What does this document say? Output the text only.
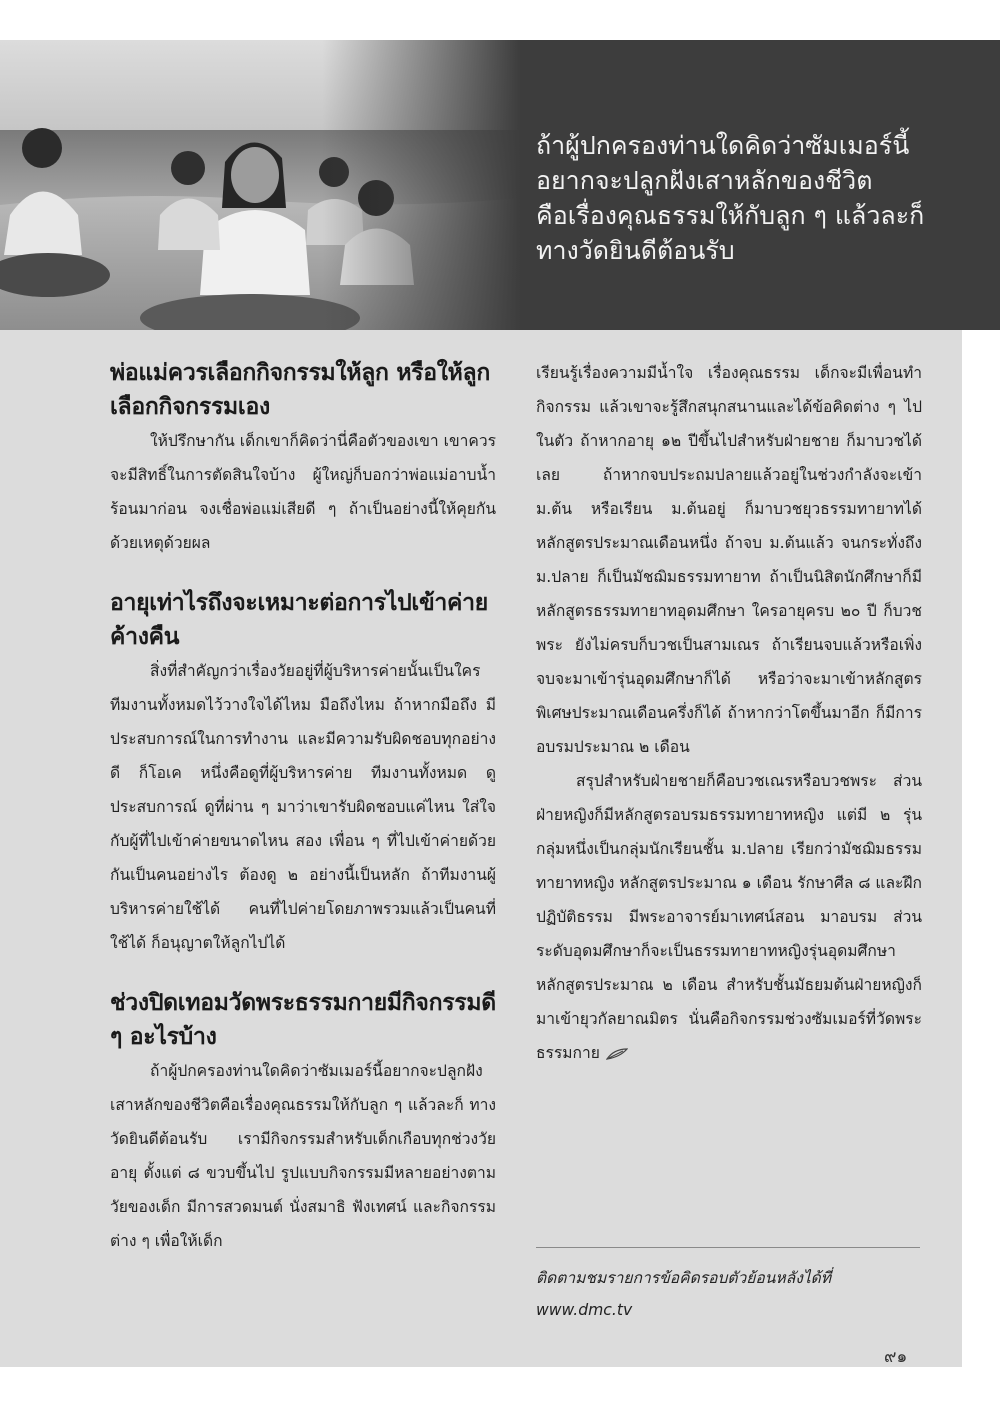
ถ้าผู้ปกครองท่านใดคิดว่าซัมเมอร์นี้
อยากจะปลูกฝังเสาหลักของชีวิต
คือเรื่องคุณธรรมให้กับลูก ๆ แล้วละก็
ทางวัดยินดีต้อนรับ

พ่อแม่ควรเลือกกิจกรรมให้ลูก หรือให้ลูกเลือกกิจกรรมเอง

ให้ปรึกษากัน เด็กเขาก็คิดว่านี่คือตัวของเขา เขาควรจะมีสิทธิ์ในการตัดสินใจบ้าง ผู้ใหญ่ก็บอกว่าพ่อแม่อาบน้ำร้อนมาก่อน จงเชื่อพ่อแม่เสียดี ๆ ถ้าเป็นอย่างนี้ให้คุยกันด้วยเหตุด้วยผล

อายุเท่าไรถึงจะเหมาะต่อการไปเข้าค่ายค้างคืน

สิ่งที่สำคัญกว่าเรื่องวัยอยู่ที่ผู้บริหารค่ายนั้นเป็นใคร ทีมงานทั้งหมดไว้วางใจได้ไหม มือถึงไหม ถ้าหากมือถึง มีประสบการณ์ในการทำงาน และมีความรับผิดชอบทุกอย่างดี ก็โอเค หนึ่งคือดูที่ผู้บริหารค่าย ทีมงานทั้งหมด ดูประสบการณ์ ดูที่ผ่าน ๆ มาว่าเขารับผิดชอบแค่ไหน ใส่ใจกับผู้ที่ไปเข้าค่ายขนาดไหน สอง เพื่อน ๆ ที่ไปเข้าค่ายด้วยกันเป็นคนอย่างไร ต้องดู ๒ อย่างนี้เป็นหลัก ถ้าทีมงานผู้บริหารค่ายใช้ได้ คนที่ไปค่ายโดยภาพรวมแล้วเป็นคนที่ใช้ได้ ก็อนุญาตให้ลูกไปได้

ช่วงปิดเทอมวัดพระธรรมกายมีกิจกรรมดี ๆ อะไรบ้าง

ถ้าผู้ปกครองท่านใดคิดว่าซัมเมอร์นี้อยากจะปลูกฝังเสาหลักของชีวิตคือเรื่องคุณธรรมให้กับลูก ๆ แล้วละก็ ทางวัดยินดีต้อนรับ เรามีกิจกรรมสำหรับเด็กเกือบทุกช่วงวัยอายุ ตั้งแต่ ๘ ขวบขึ้นไป รูปแบบกิจกรรมมีหลายอย่างตามวัยของเด็ก มีการสวดมนต์ นั่งสมาธิ ฟังเทศน์ และกิจกรรมต่าง ๆ เพื่อให้เด็ก

เรียนรู้เรื่องความมีน้ำใจ เรื่องคุณธรรม เด็กจะมีเพื่อนทำกิจกรรม แล้วเขาจะรู้สึกสนุกสนานและได้ข้อคิดต่าง ๆ ไปในตัว ถ้าหากอายุ ๑๒ ปีขึ้นไปสำหรับฝ่ายชาย ก็มาบวชได้เลย ถ้าหากจบประถมปลายแล้วอยู่ในช่วงกำลังจะเข้า ม.ต้น หรือเรียน ม.ต้นอยู่ ก็มาบวชยุวธรรมทายาทได้ หลักสูตรประมาณเดือนหนึ่ง ถ้าจบ ม.ต้นแล้ว จนกระทั่งถึง ม.ปลาย ก็เป็นมัชฌิมธรรมทายาท ถ้าเป็นนิสิตนักศึกษาก็มีหลักสูตรธรรมทายาทอุดมศึกษา ใครอายุครบ ๒๐ ปี ก็บวชพระ ยังไม่ครบก็บวชเป็นสามเณร ถ้าเรียนจบแล้วหรือเพิ่งจบจะมาเข้ารุ่นอุดมศึกษาก็ได้ หรือว่าจะมาเข้าหลักสูตรพิเศษประมาณเดือนครึ่งก็ได้ ถ้าหากว่าโตขึ้นมาอีก ก็มีการอบรมประมาณ ๒ เดือน

สรุปสำหรับฝ่ายชายก็คือบวชเณรหรือบวชพระ ส่วนฝ่ายหญิงก็มีหลักสูตรอบรมธรรมทายาทหญิง แต่มี ๒ รุ่น กลุ่มหนึ่งเป็นกลุ่มนักเรียนชั้น ม.ปลาย เรียกว่ามัชฌิมธรรมทายาทหญิง หลักสูตรประมาณ ๑ เดือน รักษาศีล ๘ และฝึกปฏิบัติธรรม มีพระอาจารย์มาเทศน์สอน มาอบรม ส่วนระดับอุดมศึกษาก็จะเป็นธรรมทายาทหญิงรุ่นอุดมศึกษา หลักสูตรประมาณ ๒ เดือน สำหรับชั้นมัธยมต้นฝ่ายหญิงก็มาเข้ายุวกัลยาณมิตร นั่นคือกิจกรรมช่วงซัมเมอร์ที่วัดพระธรรมกาย

ติดตามชมรายการข้อคิดรอบตัวย้อนหลังได้ที่
www.dmc.tv

๙๑
